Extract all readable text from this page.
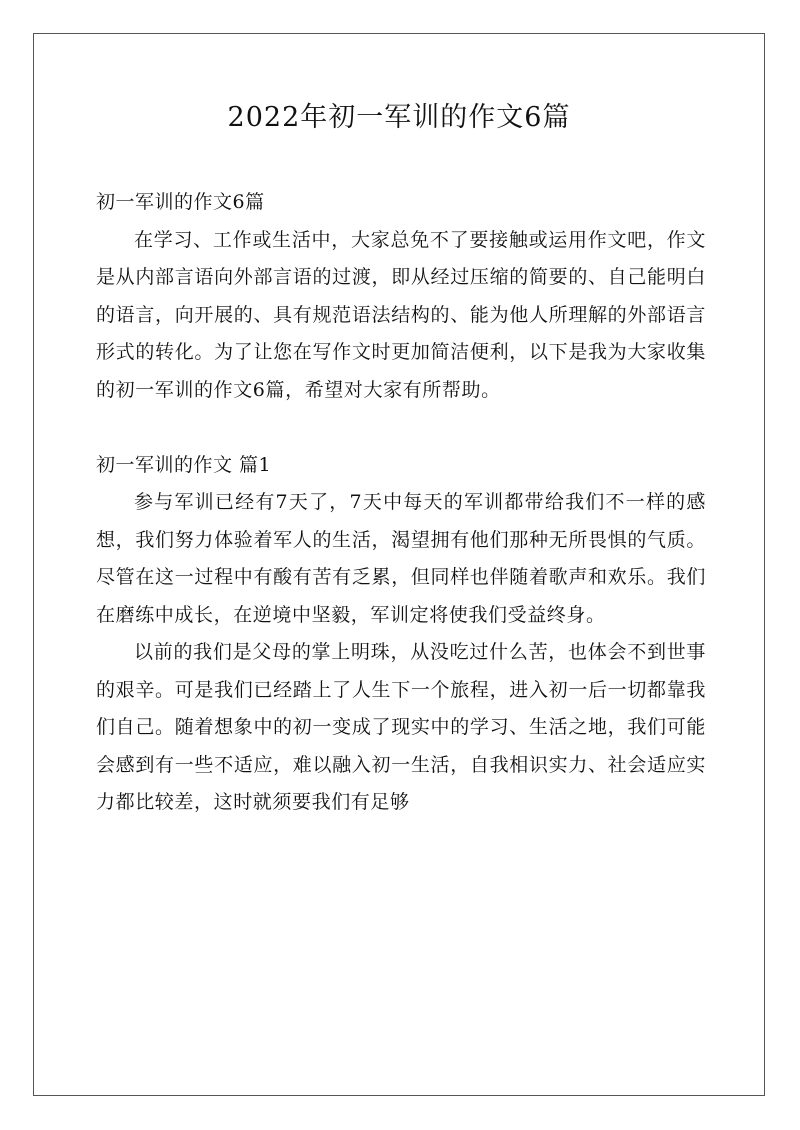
2022年初一军训的作文6篇

初一军训的作文6篇

在学习、工作或生活中，大家总免不了要接触或运用作文吧，作文是从内部言语向外部言语的过渡，即从经过压缩的简要的、自己能明白的语言，向开展的、具有规范语法结构的、能为他人所理解的外部语言形式的转化。为了让您在写作文时更加简洁便利，以下是我为大家收集的初一军训的作文6篇，希望对大家有所帮助。

初一军训的作文 篇1

参与军训已经有7天了，7天中每天的军训都带给我们不一样的感想，我们努力体验着军人的生活，渴望拥有他们那种无所畏惧的气质。尽管在这一过程中有酸有苦有乏累，但同样也伴随着歌声和欢乐。我们在磨练中成长，在逆境中坚毅，军训定将使我们受益终身。

以前的我们是父母的掌上明珠，从没吃过什么苦，也体会不到世事的艰辛。可是我们已经踏上了人生下一个旅程，进入初一后一切都靠我们自己。随着想象中的初一变成了现实中的学习、生活之地，我们可能会感到有一些不适应，难以融入初一生活，自我相识实力、社会适应实力都比较差，这时就须要我们有足够
